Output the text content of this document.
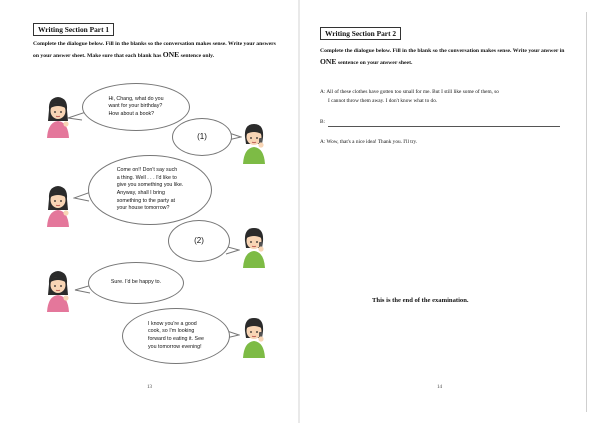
Writing Section Part 1
Complete the dialogue below. Fill in the blanks so the conversation makes sense. Write your answers on your answer sheet. Make sure that each blank has ONE sentence only.
Hi, Chang, what do you
want for your birthday?
How about a book?
(1)
Come on!! Don't say such
a thing. Well . . . I'd like to
give you something you like.
Anyway, shall I bring
something to the party at
your house tomorrow?
(2)
Sure. I'd be happy to.
I know you're a good
cook, so I'm looking
forward to eating it. See
you tomorrow evening!
13
Writing Section Part 2
Complete the dialogue below. Fill in the blank so the conversation makes sense. Write your answer in ONE sentence on your answer sheet.
A: All of these clothes have gotten too small for me. But I still like some of them, so
I cannot throw them away. I don't know what to do.
B:
A: Wow, that's a nice idea! Thank you. I'll try.
This is the end of the examination.
14
